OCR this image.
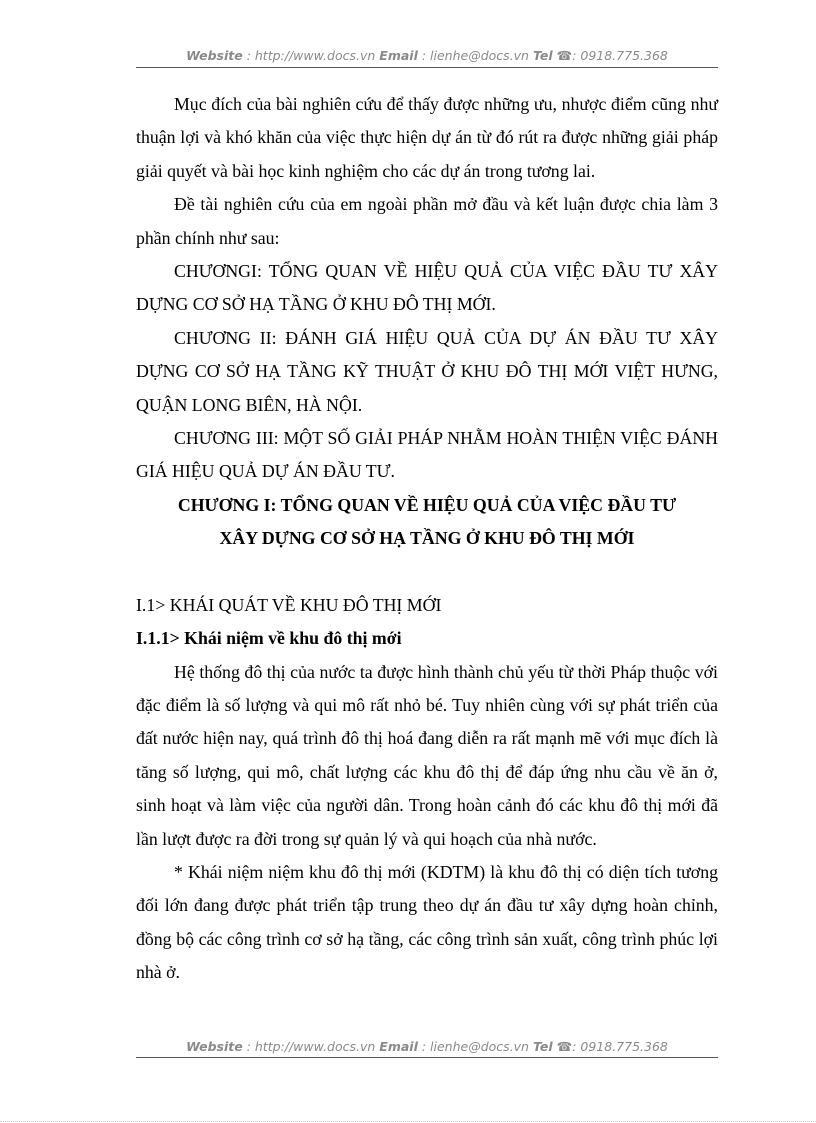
Website : http://www.docs.vn Email : lienhe@docs.vn Tel ☎: 0918.775.368

Mục đích của bài nghiên cứu để thấy được những ưu, nhược điểm cũng như thuận lợi và khó khăn của việc thực hiện dự án từ đó rút ra được những giải pháp giải quyết và bài học kinh nghiệm cho các dự án trong tương lai.

Đề tài nghiên cứu của em ngoài phần mở đầu và kết luận được chia làm 3 phần chính như sau:

CHƯƠNGI: TỔNG QUAN VỀ HIỆU QUẢ CỦA VIỆC ĐẦU TƯ XÂY DỰNG CƠ SỞ HẠ TẦNG Ở KHU ĐÔ THỊ MỚI.

CHƯƠNG II: ĐÁNH GIÁ HIỆU QUẢ CỦA DỰ ÁN ĐẦU TƯ XÂY DỰNG CƠ SỞ HẠ TẦNG KỸ THUẬT Ở KHU ĐÔ THỊ MỚI VIỆT HƯNG, QUẬN LONG BIÊN, HÀ NỘI.

CHƯƠNG III: MỘT SỐ GIẢI PHÁP NHẰM HOÀN THIỆN VIỆC ĐÁNH GIÁ HIỆU QUẢ DỰ ÁN ĐẦU TƯ.

CHƯƠNG I: TỔNG QUAN VỀ HIỆU QUẢ CỦA VIỆC ĐẦU TƯ

XÂY DỰNG CƠ SỞ HẠ TẦNG Ở KHU ĐÔ THỊ MỚI

I.1> KHÁI QUÁT VỀ KHU ĐÔ THỊ MỚI

I.1.1> Khái niệm về khu đô thị mới

Hệ thống đô thị của nước ta được hình thành chủ yếu từ thời Pháp thuộc với đặc điểm là số lượng và qui mô rất nhỏ bé. Tuy nhiên cùng với sự phát triển của đất nước hiện nay, quá trình đô thị hoá đang diễn ra rất mạnh mẽ với mục đích là tăng số lượng, qui mô, chất lượng các khu đô thị để đáp ứng nhu cầu về ăn ở, sinh hoạt và làm việc của người dân. Trong hoàn cảnh đó các khu đô thị mới đã lần lượt được ra đời trong sự quản lý và qui hoạch của nhà nước.

* Khái niệm niệm khu đô thị mới (KDTM) là khu đô thị có diện tích tương đối lớn đang được phát triển tập trung theo dự án đầu tư xây dựng hoàn chỉnh, đồng bộ các công trình cơ sở hạ tầng, các công trình sản xuất, công trình phúc lợi nhà ở.

Website : http://www.docs.vn Email : lienhe@docs.vn Tel ☎: 0918.775.368
